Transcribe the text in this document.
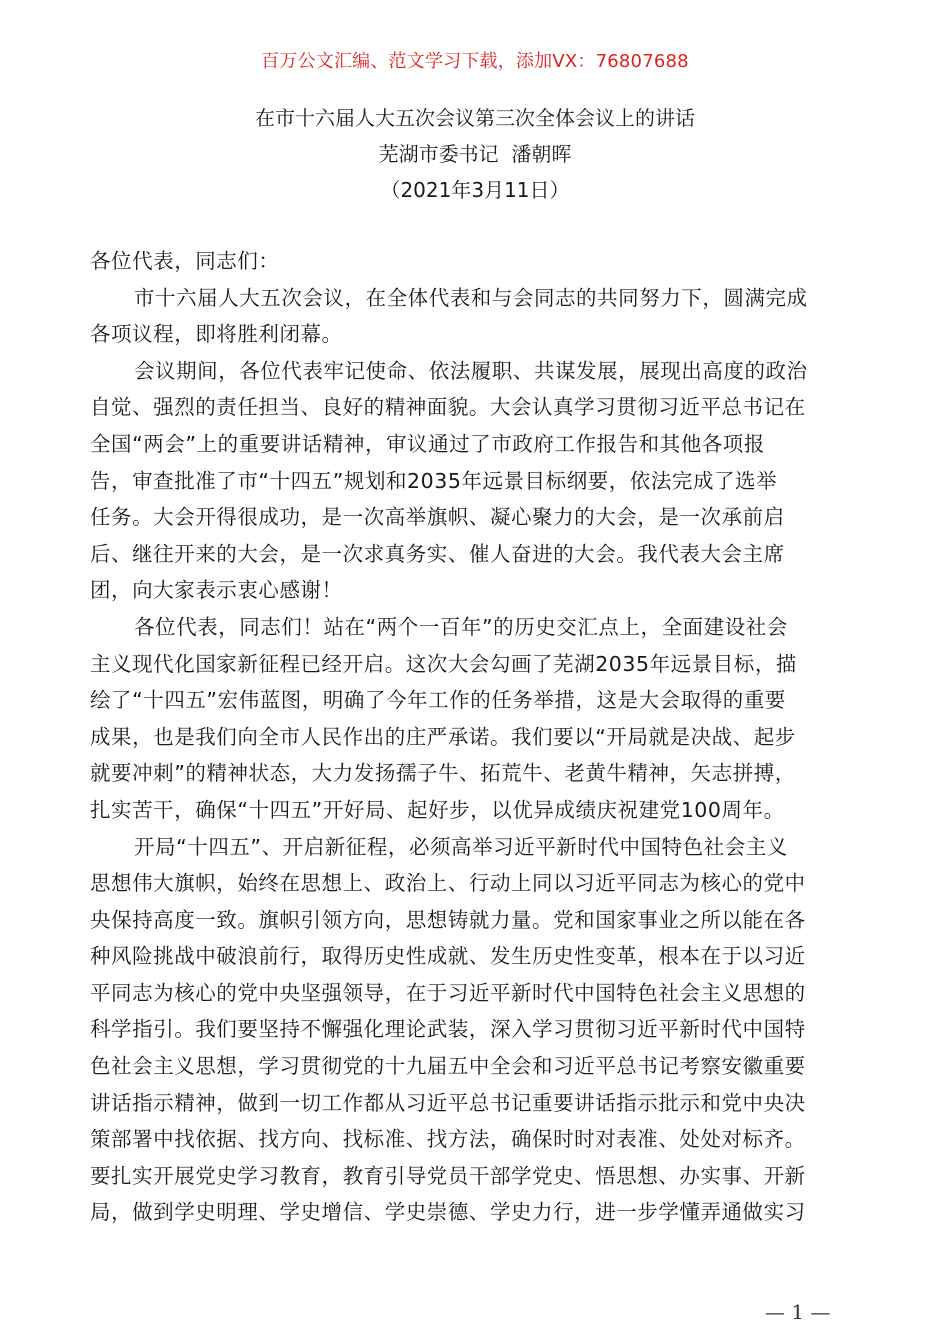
百万公文汇编、范文学习下载，添加VX：76807688
在市十六届人大五次会议第三次全体会议上的讲话
芜湖市委书记  潘朝晖
（2021年3月11日）
各位代表，同志们：
市十六届人大五次会议，在全体代表和与会同志的共同努力下，圆满完成
各项议程，即将胜利闭幕。
会议期间，各位代表牢记使命、依法履职、共谋发展，展现出高度的政治
自觉、强烈的责任担当、良好的精神面貌。大会认真学习贯彻习近平总书记在
全国“两会”上的重要讲话精神，审议通过了市政府工作报告和其他各项报
告，审查批准了市“十四五”规划和2035年远景目标纲要，依法完成了选举
任务。大会开得很成功，是一次高举旗帜、凝心聚力的大会，是一次承前启
后、继往开来的大会，是一次求真务实、催人奋进的大会。我代表大会主席
团，向大家表示衷心感谢！
各位代表，同志们！站在“两个一百年”的历史交汇点上，全面建设社会
主义现代化国家新征程已经开启。这次大会勾画了芜湖2035年远景目标，描
绘了“十四五”宏伟蓝图，明确了今年工作的任务举措，这是大会取得的重要
成果，也是我们向全市人民作出的庄严承诺。我们要以“开局就是决战、起步
就要冲刺”的精神状态，大力发扬孺子牛、拓荒牛、老黄牛精神，矢志拼搏，
扎实苦干，确保“十四五”开好局、起好步，以优异成绩庆祝建党100周年。
开局“十四五”、开启新征程，必须高举习近平新时代中国特色社会主义
思想伟大旗帜，始终在思想上、政治上、行动上同以习近平同志为核心的党中
央保持高度一致。旗帜引领方向，思想铸就力量。党和国家事业之所以能在各
种风险挑战中破浪前行，取得历史性成就、发生历史性变革，根本在于以习近
平同志为核心的党中央坚强领导，在于习近平新时代中国特色社会主义思想的
科学指引。我们要坚持不懈强化理论武装，深入学习贯彻习近平新时代中国特
色社会主义思想，学习贯彻党的十九届五中全会和习近平总书记考察安徽重要
讲话指示精神，做到一切工作都从习近平总书记重要讲话指示批示和党中央决
策部署中找依据、找方向、找标准、找方法，确保时时对表准、处处对标齐。
要扎实开展党史学习教育，教育引导党员干部学党史、悟思想、办实事、开新
局，做到学史明理、学史增信、学史崇德、学史力行，进一步学懂弄通做实习
— 1 —
